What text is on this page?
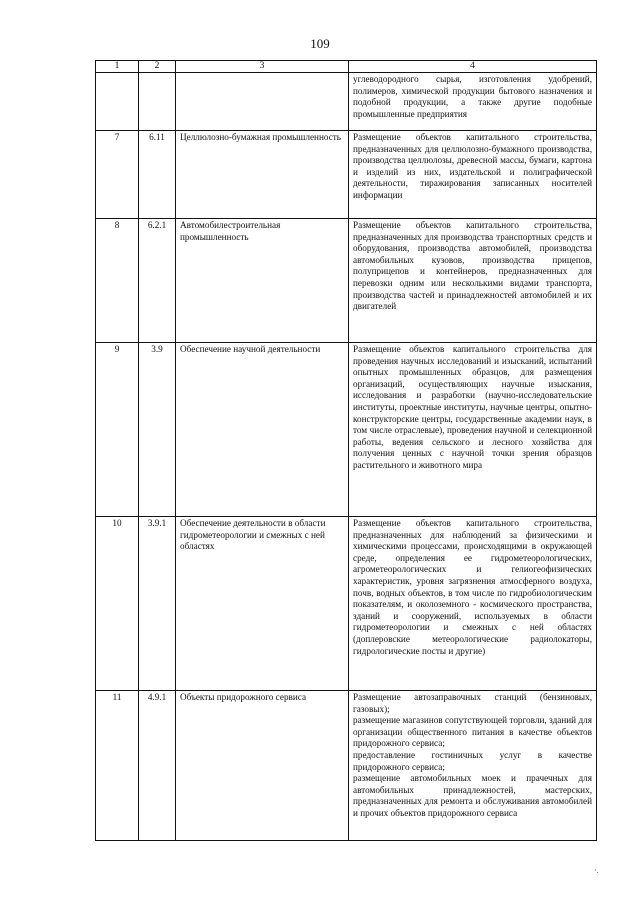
109
1	2	3	4
			углеводородного сырья, изготовления удобрений, полимеров, химической продукции бытового назначения и подобной продукции, а также другие подобные промышленные предприятия
7	6.11	Целлюлозно-бумажная промышленность	Размещение объектов капитального строительства, предназначенных для целлюлозно-бумажного производства, производства целлюлозы, древесной массы, бумаги, картона и изделий из них, издательской и полиграфической деятельности, тиражирования записанных носителей информации
8	6.2.1	Автомобилестроительная промышленность	Размещение объектов капитального строительства, предназначенных для производства транспортных средств и оборудования, производства автомобилей, производства автомобильных кузовов, производства прицепов, полуприцепов и контейнеров, предназначенных для перевозки одним или несколькими видами транспорта, производства частей и принадлежностей автомобилей и их двигателей
9	3.9	Обеспечение научной деятельности	Размещение объектов капитального строительства для проведения научных исследований и изысканий, испытаний опытных промышленных образцов, для размещения организаций, осуществляющих научные изыскания, исследования и разработки (научно-исследовательские институты, проектные институты, научные центры, опытно-конструкторские центры, государственные академии наук, в том числе отраслевые), проведения научной и селекционной работы, ведения сельского и лесного хозяйства для получения ценных с научной точки зрения образцов растительного и животного мира
10	3.9.1	Обеспечение деятельности в области гидрометеорологии и смежных с ней областях	Размещение объектов капитального строительства, предназначенных для наблюдений за физическими и химическими процессами, происходящими в окружающей среде, определения ее гидрометеорологических, агрометеорологических и гелиогеофизических характеристик, уровня загрязнения атмосферного воздуха, почв, водных объектов, в том числе по гидробиологическим показателям, и околоземного - космического пространства, зданий и сооружений, используемых в области гидрометеорологии и смежных с ней областях (доплеровские метеорологические радиолокаторы, гидрологические посты и другие)
11	4.9.1	Объекты придорожного сервиса	Размещение автозаправочных станций (бензиновых, газовых);
размещение магазинов сопутствующей торговли, зданий для организации общественного питания в качестве объектов придорожного сервиса;
предоставление гостиничных услуг в качестве придорожного сервиса;
размещение автомобильных моек и прачечных для автомобильных принадлежностей, мастерских, предназначенных для ремонта и обслуживания автомобилей и прочих объектов придорожного сервиса
·.
